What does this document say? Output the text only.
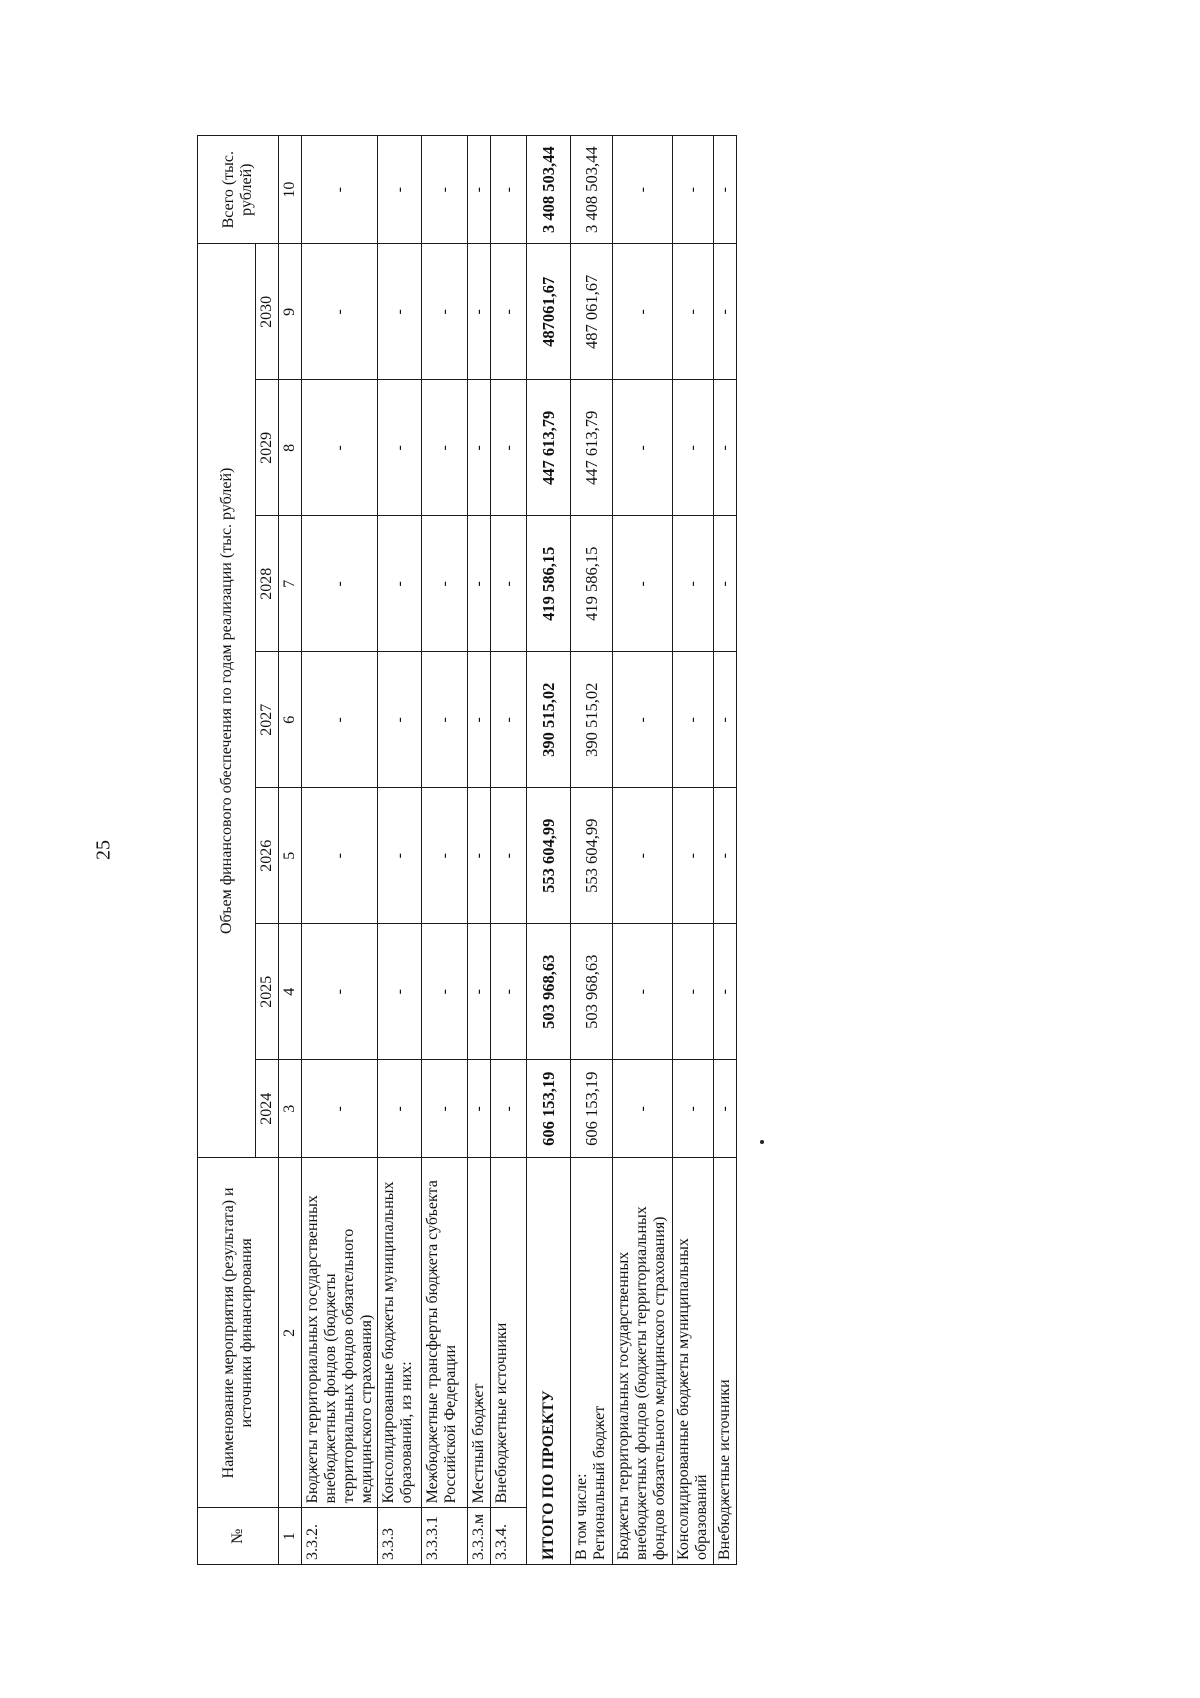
25
№	Наименование мероприятия (результата) и источники финансирования	Объем финансового обеспечения по годам реализации (тыс. рублей)							Всего (тыс. рублей)
		2024	2025	2026	2027	2028	2029	2030	
1	2	3	4	5	6	7	8	9	10
3.3.2.	Бюджеты территориальных государственных внебюджетных фондов (бюджеты территориальных фондов обязательного медицинского страхования)	-	-	-	-	-	-	-	-
3.3.3	Консолидированные бюджеты муниципальных образований, из них:	-	-	-	-	-	-	-	-
3.3.3.1	Межбюджетные трансферты бюджета субъекта Российской Федерации	-	-	-	-	-	-	-	-
3.3.3.м	Местный бюджет	-	-	-	-	-	-	-	-
3.3.4.	Внебюджетные источники	-	-	-	-	-	-	-	-
ИТОГО ПО ПРОЕКТУ		606 153,19	503 968,63	553 604,99	390 515,02	419 586,15	447 613,79	487061,67	3 408 503,44

В том числе: Региональный бюджет		606 153,19	503 968,63	553 604,99	390 515,02	419 586,15	447 613,79	487 061,67	3 408 503,44
Бюджеты территориальных государственных внебюджетных фондов (бюджеты территориальных фондов обязательного медицинского страхования)		-	-	-	-	-	-	-	-
Консолидированные бюджеты муниципальных образований		-	-	-	-	-	-	-	-
Внебюджетные источники		-	-	-	-	-	-	-	-
